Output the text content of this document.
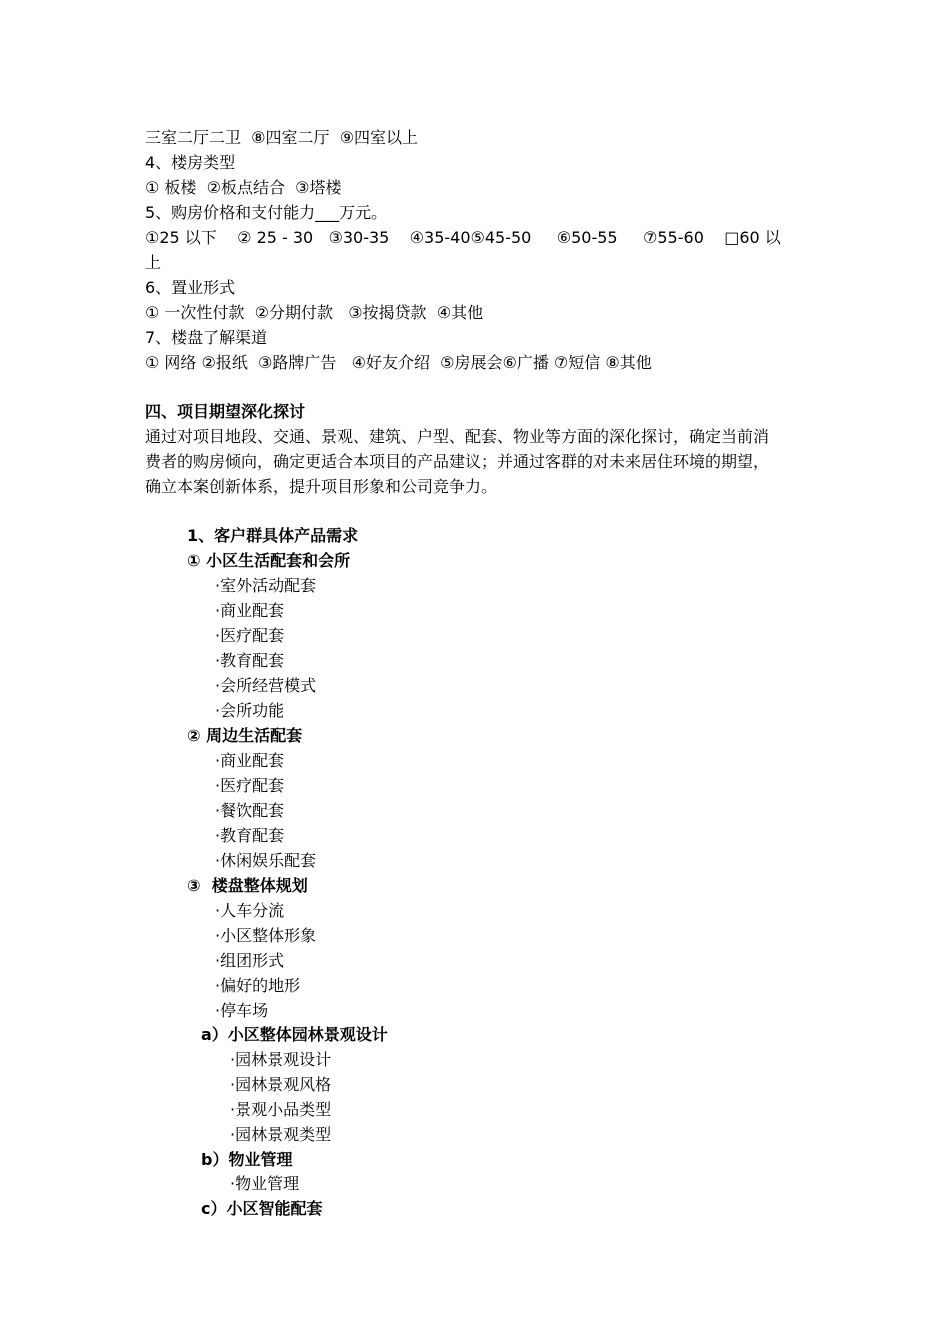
三室二厅二卫  ⑧四室二厅  ⑨四室以上
4、楼房类型
① 板楼  ②板点结合  ③塔楼
5、购房价格和支付能力___万元。
①25 以下    ② 25 - 30   ③30-35    ④35-40⑤45-50     ⑥50-55     ⑦55-60    □60 以
上
6、置业形式
① 一次性付款  ②分期付款   ③按揭贷款  ④其他
7、楼盘了解渠道
① 网络 ②报纸  ③路牌广告   ④好友介绍  ⑤房展会⑥广播 ⑦短信 ⑧其他
四、项目期望深化探讨
通过对项目地段、交通、景观、建筑、户型、配套、物业等方面的深化探讨，确定当前消
费者的购房倾向，确定更适合本项目的产品建议；并通过客群的对未来居住环境的期望，
确立本案创新体系，提升项目形象和公司竞争力。
1、客户群具体产品需求
① 小区生活配套和会所
·室外活动配套
·商业配套
·医疗配套
·教育配套
·会所经营模式
·会所功能
② 周边生活配套
·商业配套
·医疗配套
·餐饮配套
·教育配套
·休闲娱乐配套
③  楼盘整体规划
·人车分流
·小区整体形象
·组团形式
·偏好的地形
·停车场
a）小区整体园林景观设计
·园林景观设计
·园林景观风格
·景观小品类型
·园林景观类型
b）物业管理
·物业管理
c）小区智能配套
